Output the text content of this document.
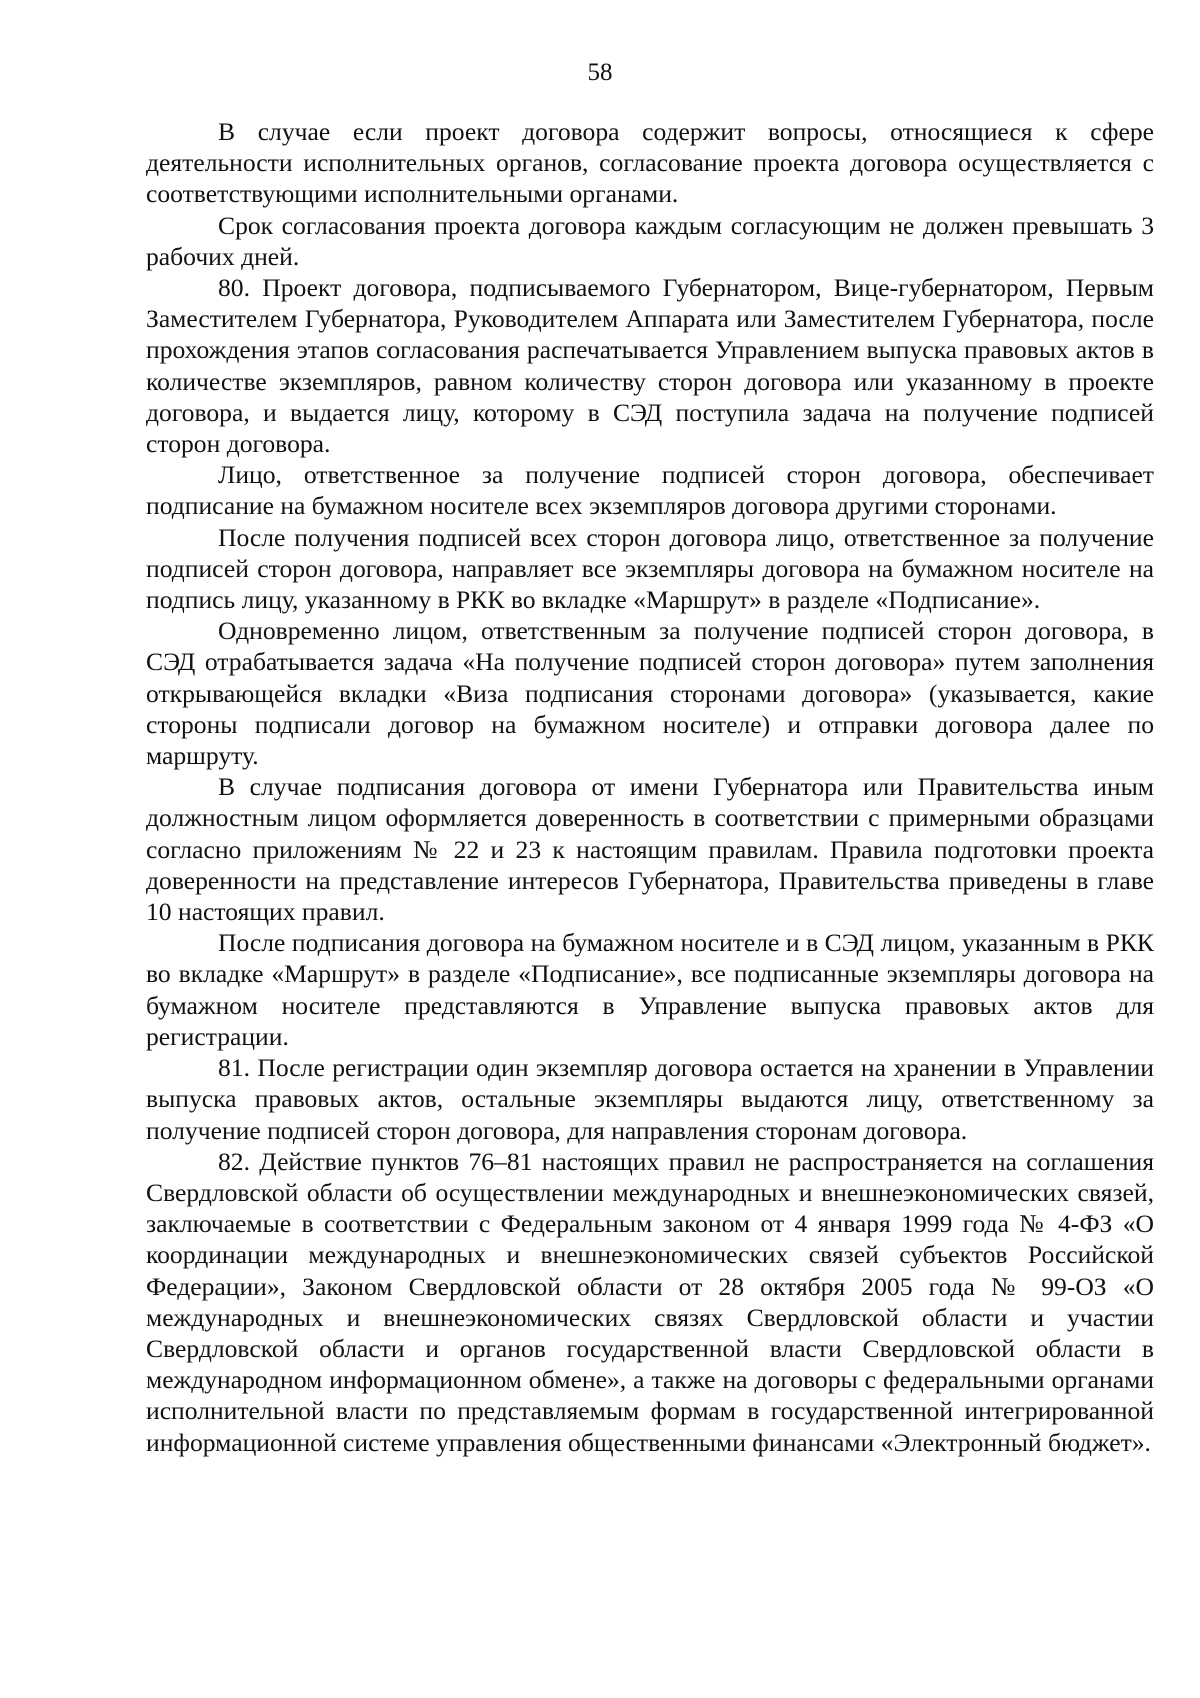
58

В случае если проект договора содержит вопросы, относящиеся к сфере деятельности исполнительных органов, согласование проекта договора осуществляется с соответствующими исполнительными органами.

Срок согласования проекта договора каждым согласующим не должен превышать 3 рабочих дней.

80. Проект договора, подписываемого Губернатором, Вице-губернатором, Первым Заместителем Губернатора, Руководителем Аппарата или Заместителем Губернатора, после прохождения этапов согласования распечатывается Управлением выпуска правовых актов в количестве экземпляров, равном количеству сторон договора или указанному в проекте договора, и выдается лицу, которому в СЭД поступила задача на получение подписей сторон договора.

Лицо, ответственное за получение подписей сторон договора, обеспечивает подписание на бумажном носителе всех экземпляров договора другими сторонами.

После получения подписей всех сторон договора лицо, ответственное за получение подписей сторон договора, направляет все экземпляры договора на бумажном носителе на подпись лицу, указанному в РКК во вкладке «Маршрут» в разделе «Подписание».

Одновременно лицом, ответственным за получение подписей сторон договора, в СЭД отрабатывается задача «На получение подписей сторон договора» путем заполнения открывающейся вкладки «Виза подписания сторонами договора» (указывается, какие стороны подписали договор на бумажном носителе) и отправки договора далее по маршруту.

В случае подписания договора от имени Губернатора или Правительства иным должностным лицом оформляется доверенность в соответствии с примерными образцами согласно приложениям № 22 и 23 к настоящим правилам. Правила подготовки проекта доверенности на представление интересов Губернатора, Правительства приведены в главе 10 настоящих правил.

После подписания договора на бумажном носителе и в СЭД лицом, указанным в РКК во вкладке «Маршрут» в разделе «Подписание», все подписанные экземпляры договора на бумажном носителе представляются в Управление выпуска правовых актов для регистрации.

81. После регистрации один экземпляр договора остается на хранении в Управлении выпуска правовых актов, остальные экземпляры выдаются лицу, ответственному за получение подписей сторон договора, для направления сторонам договора.

82. Действие пунктов 76–81 настоящих правил не распространяется на соглашения Свердловской области об осуществлении международных и внешнеэкономических связей, заключаемые в соответствии с Федеральным законом от 4 января 1999 года № 4-ФЗ «О координации международных и внешнеэкономических связей субъектов Российской Федерации», Законом Свердловской области от 28 октября 2005 года № 99-ОЗ «О международных и внешнеэкономических связях Свердловской области и участии Свердловской области и органов государственной власти Свердловской области в международном информационном обмене», а также на договоры с федеральными органами исполнительной власти по представляемым формам в государственной интегрированной информационной системе управления общественными финансами «Электронный бюджет».
